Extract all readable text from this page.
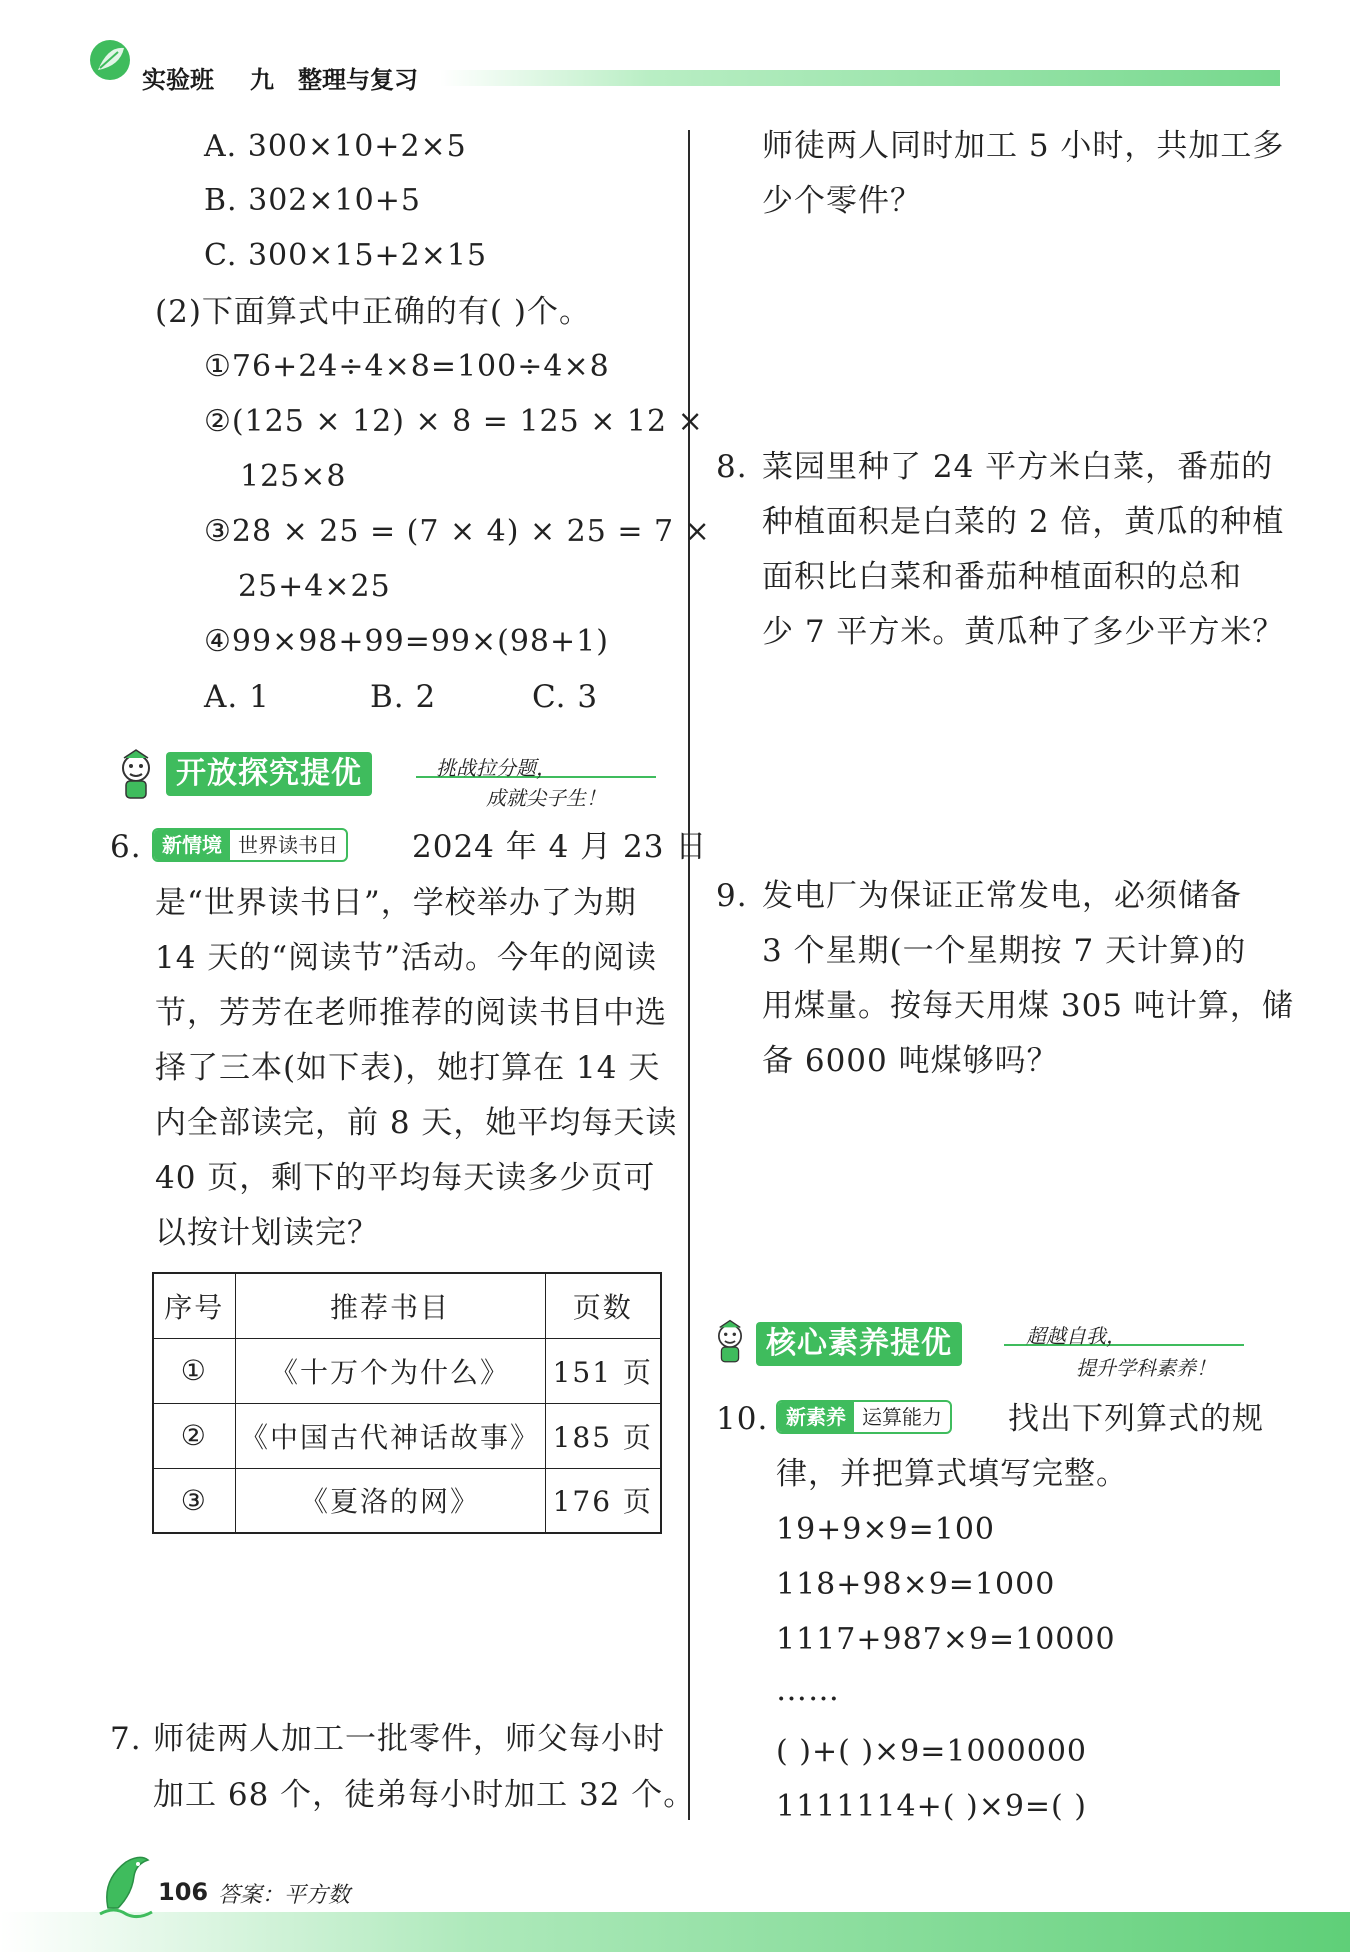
实验班 九 整理与复习
A. 300×10+2×5
B. 302×10+5
C. 300×15+2×15
(2)下面算式中正确的有( )个。
①76+24÷4×8=100÷4×8
②(125 × 12) × 8 = 125 × 12 ×
125×8
③28 × 25 = (7 × 4) × 25 = 7 ×
25+4×25
④99×98+99=99×(98+1)
A. 1	B. 2	C. 3
开放探究提优	挑战拉分题，
成就尖子生！
6.	新情境 世界读书日 2024 年 4 月 23 日
是“世界读书日”，学校举办了为期
14 天的“阅读节”活动。今年的阅读
节，芳芳在老师推荐的阅读书目中选
择了三本(如下表)，她打算在 14 天
内全部读完，前 8 天，她平均每天读
40 页，剩下的平均每天读多少页可
以按计划读完？
序号	推荐书目	页数
①	《十万个为什么》	151 页
②	《中国古代神话故事》	185 页
③	《夏洛的网》	176 页
7. 师徒两人加工一批零件，师父每小时
加工 68 个，徒弟每小时加工 32 个。
师徒两人同时加工 5 小时，共加工多
少个零件？
8. 菜园里种了 24 平方米白菜，番茄的
种植面积是白菜的 2 倍，黄瓜的种植
面积比白菜和番茄种植面积的总和
少 7 平方米。黄瓜种了多少平方米？
9. 发电厂为保证正常发电，必须储备
3 个星期(一个星期按 7 天计算)的
用煤量。按每天用煤 305 吨计算，储
备 6000 吨煤够吗？
核心素养提优	超越自我，
提升学科素养！
10. 新素养 运算能力 找出下列算式的规
律，并把算式填写完整。
19+9×9=100
118+98×9=1000
1117+987×9=10000
……
( )+( )×9=1000000
1111114+( )×9=( )
106 答案：平方数
